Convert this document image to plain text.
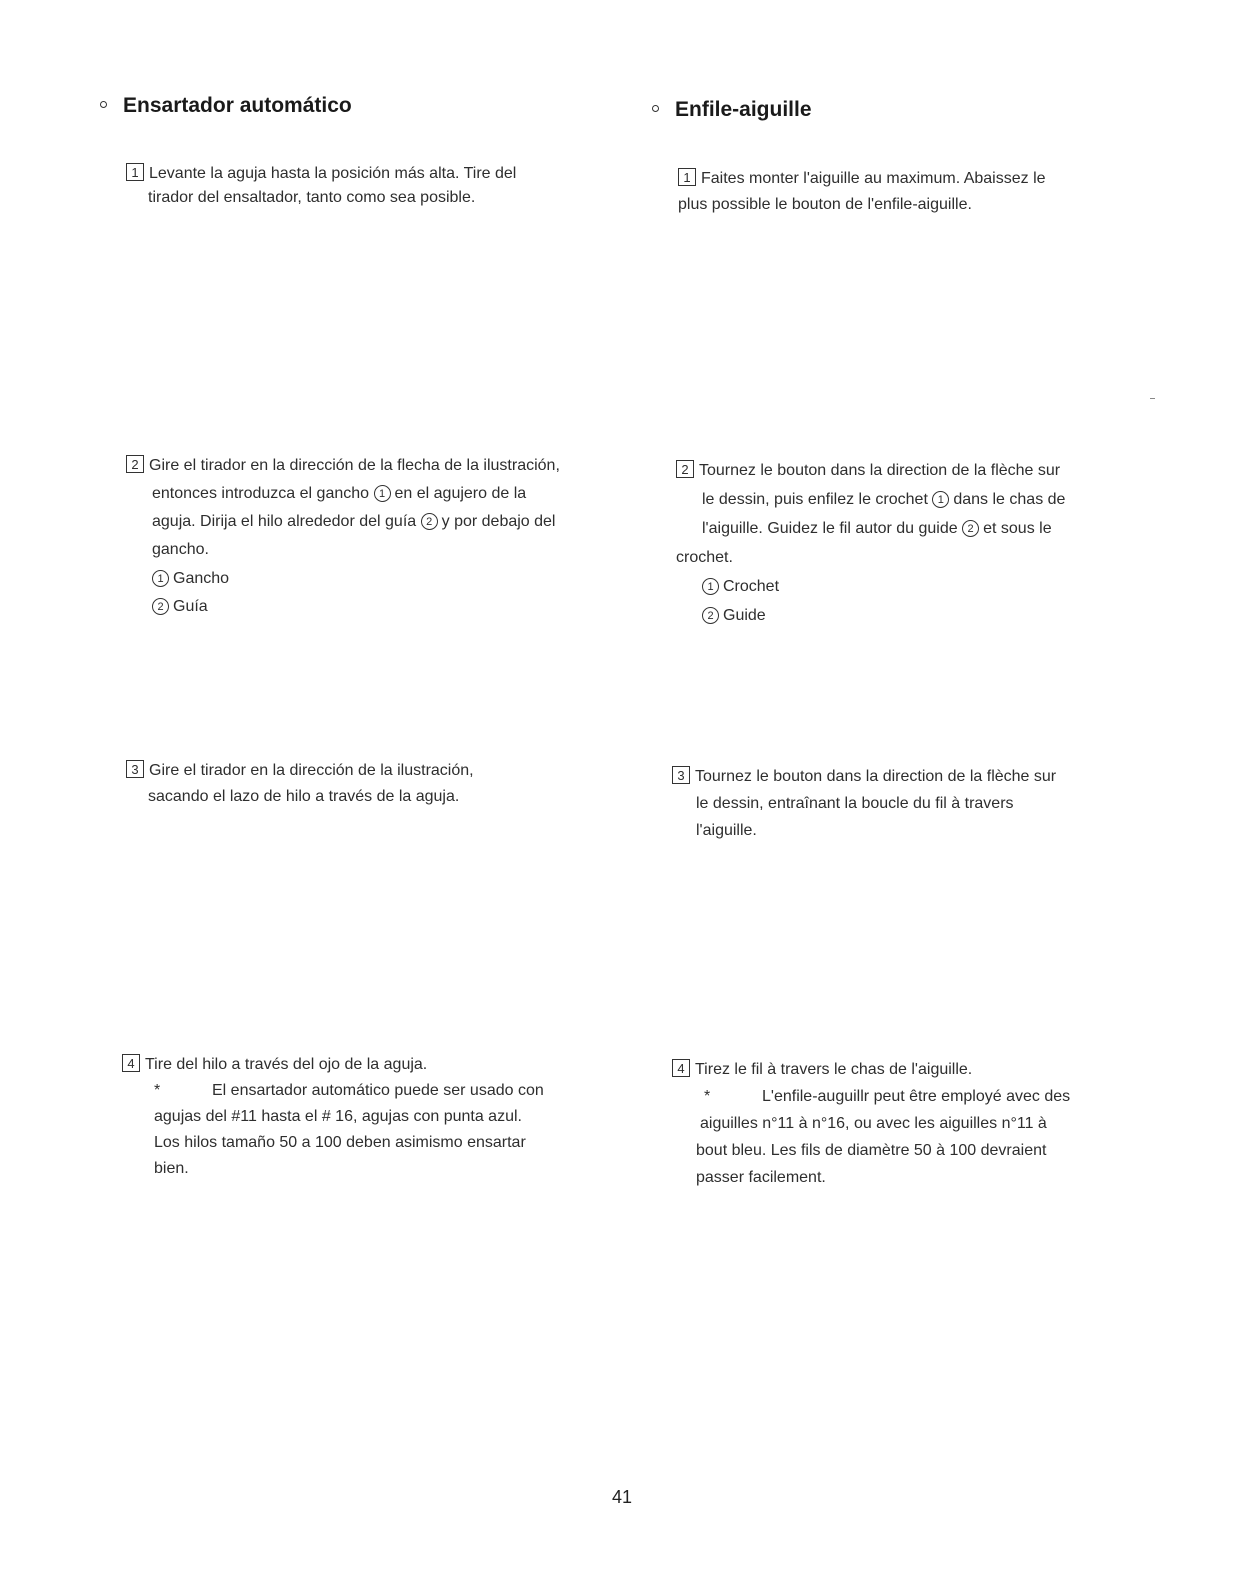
Ensartador automático

1 Levante la aguja hasta la posición más alta. Tire del

tirador del ensaltador, tanto como sea posible.

2 Gire el tirador en la dirección de la flecha de la ilustración,

entonces introduzca el gancho 1 en el agujero de la

aguja. Dirija el hilo alrededor del guía 2 y por debajo del

gancho.

1 Gancho

2 Guía

3 Gire el tirador en la dirección de la ilustración,

sacando el lazo de hilo a través de la aguja.

4 Tire del hilo a través del ojo de la aguja.

*	El ensartador automático puede ser usado con

agujas del #11 hasta el # 16, agujas con punta azul.

Los hilos tamaño 50 a 100 deben asimismo ensartar

bien.

Enfile-aiguille

1 Faites monter l'aiguille au maximum. Abaissez le

plus possible le bouton de l'enfile-aiguille.

2 Tournez le bouton dans la direction de la flèche sur

le dessin, puis enfilez le crochet 1 dans le chas de

l'aiguille. Guidez le fil autor du guide 2 et sous le

crochet.

1 Crochet

2 Guide

3 Tournez le bouton dans la direction de la flèche sur

le dessin, entraînant la boucle du fil à travers

l'aiguille.

4 Tirez le fil à travers le chas de l'aiguille.

*	L'enfile-auguillr peut être employé avec des

aiguilles n°11 à n°16, ou avec les aiguilles n°11 à

bout bleu. Les fils de diamètre 50 à 100 devraient

passer facilement.

41
